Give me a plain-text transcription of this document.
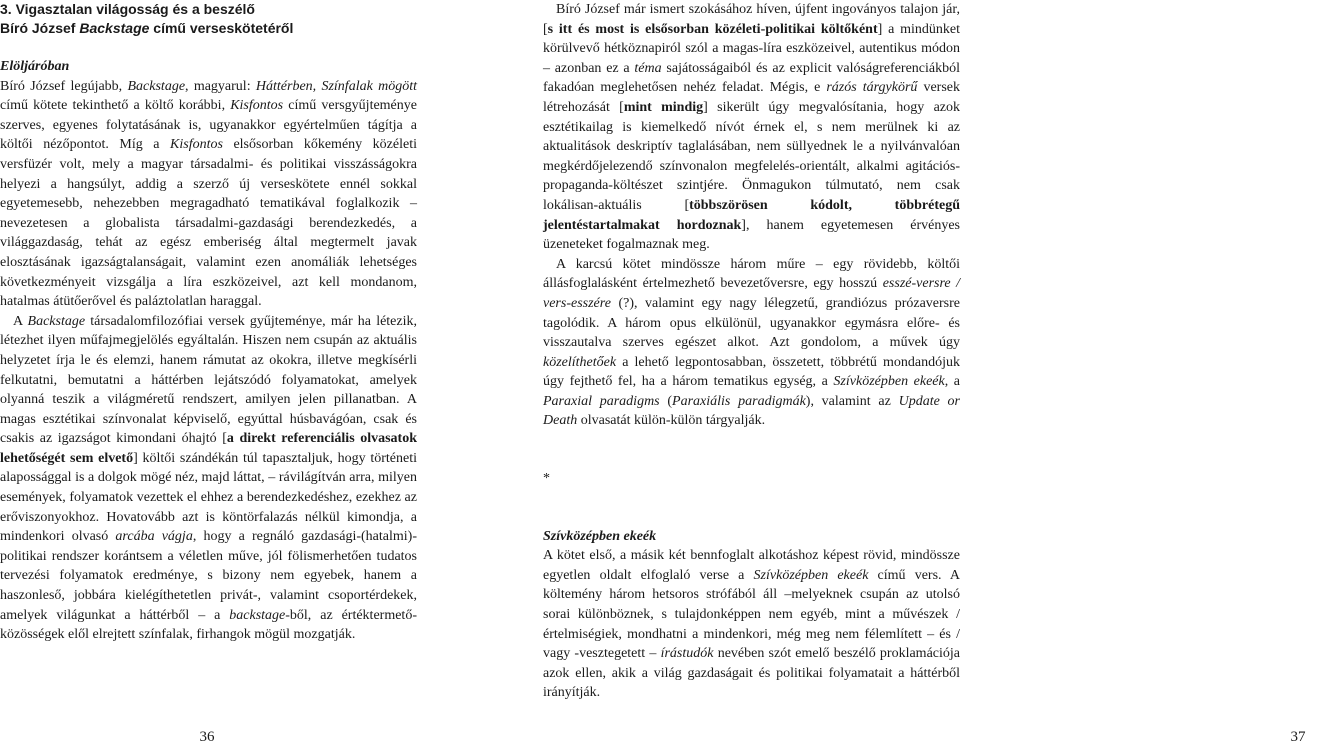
3. Vigasztalan világosság és a beszélő
Bíró József Backstage című verseskötetéről
Elöljáróban

Bíró József legújabb, Backstage, magyarul: Háttérben, Színfalak mögött című kötete tekinthető a költő korábbi, Kisfontos című versgyűjteménye szerves, egyenes folytatásának is, ugyanakkor egyértelműen tágítja a költői nézőpontot. Míg a Kisfontos elsősorban kőkemény közéleti versfüzér volt, mely a magyar társadalmi- és politikai visszásságokra helyezi a hangsúlyt, addig a szerző új verseskötete ennél sokkal egyetemesebb, nehezebben megragadható tematikával foglalkozik – nevezetesen a globalista társadalmi-gazdasági berendezkedés, a világgazdaság, tehát az egész emberiség által megtermelt javak elosztásának igazságtalanságait, valamint ezen anomáliák lehetséges következményeit vizsgálja a líra eszközeivel, azt kell mondanom, hatalmas átütőerővel és paláztolatlan haraggal.

A Backstage társadalomfilozófiai versek gyűjteménye, már ha létezik, létezhet ilyen műfajmegjelölés egyáltalán. Hiszen nem csupán az aktuális helyzetet írja le és elemzi, hanem rámutat az okokra, illetve megkísérli felkutatni, bemutatni a háttérben lejátszódó folyamatokat, amelyek olyanná teszik a világméretű rendszert, amilyen jelen pillanatban. A magas esztétikai színvonalat képviselő, egyúttal húsbavágóan, csak és csakis az igazságot kimondani óhajtó [a direkt referenciális olvasatok lehetőségét sem elvető] költői szándékán túl tapasztaljuk, hogy történeti alapossággal is a dolgok mögé néz, majd láttat, – rávilágítván arra, milyen események, folyamatok vezettek el ehhez a berendezkedéshez, ezekhez az erőviszonyokhoz. Hovatovább azt is köntörfalazás nélkül kimondja, a mindenkori olvasó arcába vágja, hogy a regnáló gazdasági-(hatalmi)-politikai rendszer korántsem a véletlen műve, jól fölismerhetően tudatos tervezési folyamatok eredménye, s bizony nem egyebek, hanem a haszonleső, jobbára kielégíthetetlen privát-, valamint csoportérdekek, amelyek világunkat a háttérből – a backstage-ből, az értéktermető-közösségek elől elrejtett színfalak, firhangok mögül mozgatják.

36

Bíró József már ismert szokásához híven, újfent ingoványos talajon jár, [s itt és most is elsősorban közéleti-politikai költőként] a mindünket körülvevő hétköznapiról szól a magas-líra eszközeivel, autentikus módon – azonban ez a téma sajátosságaiból és az explicit valóságreferenciákból fakadóan meglehetősen nehéz feladat. Mégis, e rázós tárgykörű versek létrehozását [mint mindig] sikerült úgy megvalósítania, hogy azok esztétikailag is kiemelkedő nívót érnek el, s nem merülnek ki az aktualitások deskriptív taglalásában, nem süllyednek le a nyilvánvalóan megkérdőjelezendő színvonalon megfelelés-orientált, alkalmi agitációs-propaganda-költészet szintjére. Önmagukon túlmutató, nem csak lokálisan-aktuális [többszörösen kódolt, többrétegű jelentéstartalmakat hordoznak], hanem egyetemesen érvényes üzeneteket fogalmaznak meg.

A karcsú kötet mindössze három műre – egy rövidebb, költői állásfoglalásként értelmezhető bevezetőversre, egy hosszú esszé-versre / vers-esszére (?), valamint egy nagy lélegzetű, grandiózus prózaversre tagolódik. A három opus elkülönül, ugyanakkor egymásra előre- és visszautalva szerves egészet alkot. Azt gondolom, a művek úgy közelíthetőek a lehető legpontosabban, összetett, többrétű mondandójuk úgy fejthető fel, ha a három tematikus egység, a Szívközépben ekeék, a Paraxial paradigms (Paraxiális paradigmák), valamint az Update or Death olvasatát külön-külön tárgyalják.

*

Szívközépben ekeék

A kötet első, a másik két bennfoglalt alkotáshoz képest rövid, mindössze egyetlen oldalt elfoglaló verse a Szívközépben ekeék című vers. A költemény három hetsoros strófából áll –melyeknek csupán az utolsó sorai különböznek, s tulajdonképpen nem egyéb, mint a művészek / értelmiségiek, mondhatni a mindenkori, még meg nem félemlített – és / vagy -vesztegetett – írástudók nevében szót emelő beszélő proklamációja azok ellen, akik a világ gazdaságait és politikai folyamatait a háttérből irányítják.

37
